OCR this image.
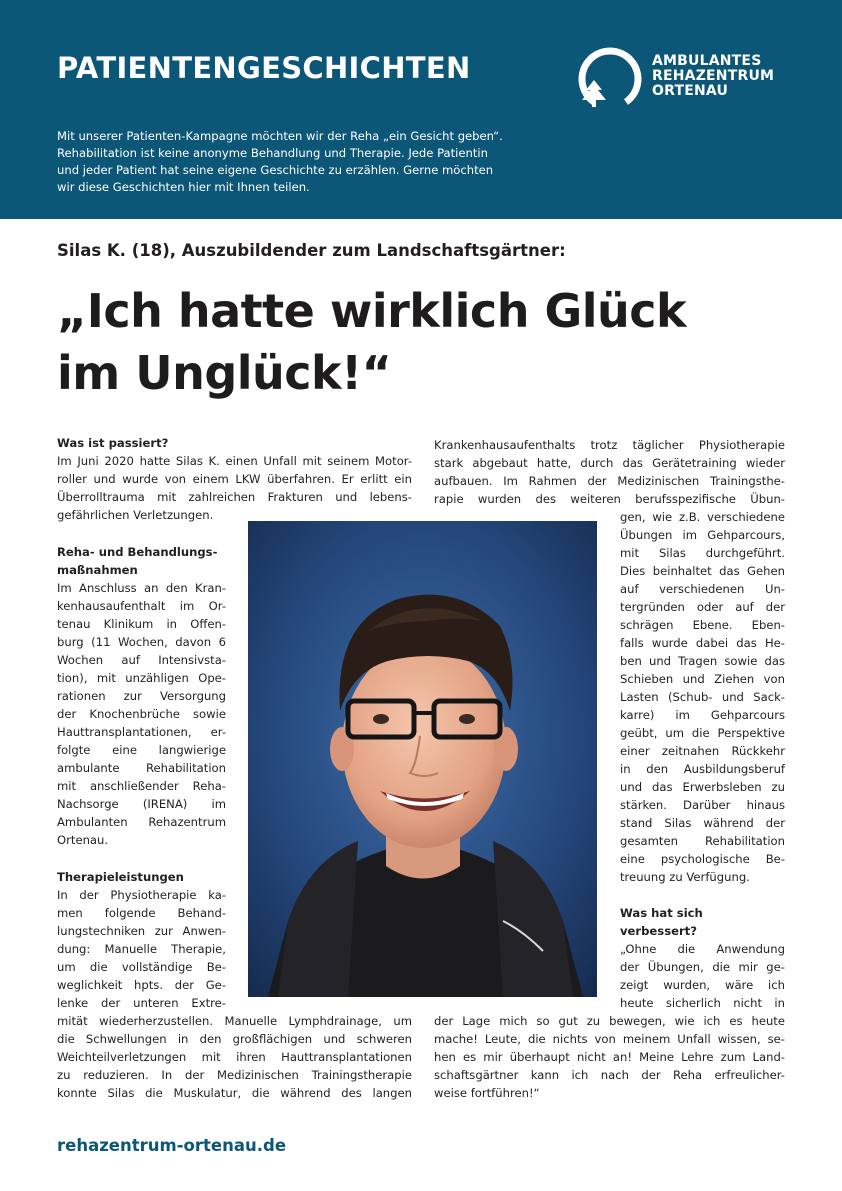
PATIENTENGESCHICHTEN

Mit unserer Patienten-Kampagne möchten wir der Reha „ein Gesicht geben“.
Rehabilitation ist keine anonyme Behandlung und Therapie. Jede Patientin
und jeder Patient hat seine eigene Geschichte zu erzählen. Gerne möchten
wir diese Geschichten hier mit Ihnen teilen.

AMBULANTES
REHAZENTRUM
ORTENAU
Silas K. (18), Auszubildender zum Landschaftsgärtner:
„Ich hatte wirklich Glück
im Unglück!“
Was ist passiert?
Im Juni 2020 hatte Silas K. einen Unfall mit seinem Motor-
roller und wurde von einem LKW überfahren. Er erlitt ein
Überrolltrauma mit zahlreichen Frakturen und lebens-
gefährlichen Verletzungen.
Reha- und Behandlungs-
maßnahmen
Im Anschluss an den Kran-
kenhausaufenthalt im Or-
tenau Klinikum in Offen-
burg (11 Wochen, davon 6
Wochen auf Intensivsta-
tion), mit unzähligen Ope-
rationen zur Versorgung
der Knochenbrüche sowie
Hauttransplantationen, er-
folgte eine langwierige
ambulante Rehabilitation
mit anschließender Reha-
Nachsorge (IRENA) im
Ambulanten Rehazentrum
Ortenau.
Therapieleistungen
In der Physiotherapie ka-
men folgende Behand-
lungstechniken zur Anwen-
dung: Manuelle Therapie,
um die vollständige Be-
weglichkeit hpts. der Ge-
lenke der unteren Extre-
mität wiederherzustellen. Manuelle Lymphdrainage, um
die Schwellungen in den großflächigen und schweren
Weichteilverletzungen mit ihren Hauttransplantationen
zu reduzieren. In der Medizinischen Trainingstherapie
konnte Silas die Muskulatur, die während des langen
Krankenhausaufenthalts trotz täglicher Physiotherapie
stark abgebaut hatte, durch das Gerätetraining wieder
aufbauen. Im Rahmen der Medizinischen Trainingsthe-
rapie wurden des weiteren berufsspezifische Übun-
gen, wie z.B. verschiedene
Übungen im Gehparcours,
mit Silas durchgeführt.
Dies beinhaltet das Gehen
auf verschiedenen Un-
tergründen oder auf der
schrägen Ebene. Eben-
falls wurde dabei das He-
ben und Tragen sowie das
Schieben und Ziehen von
Lasten (Schub- und Sack-
karre) im Gehparcours
geübt, um die Perspektive
einer zeitnahen Rückkehr
in den Ausbildungsberuf
und das Erwerbsleben zu
stärken. Darüber hinaus
stand Silas während der
gesamten Rehabilitation
eine psychologische Be-
treuung zu Verfügung.
Was hat sich
verbessert?
„Ohne die Anwendung
der Übungen, die mir ge-
zeigt wurden, wäre ich
heute sicherlich nicht in
der Lage mich so gut zu bewegen, wie ich es heute
mache! Leute, die nichts von meinem Unfall wissen, se-
hen es mir überhaupt nicht an! Meine Lehre zum Land-
schaftsgärtner kann ich nach der Reha erfreulicher-
weise fortführen!“

rehazentrum-ortenau.de
